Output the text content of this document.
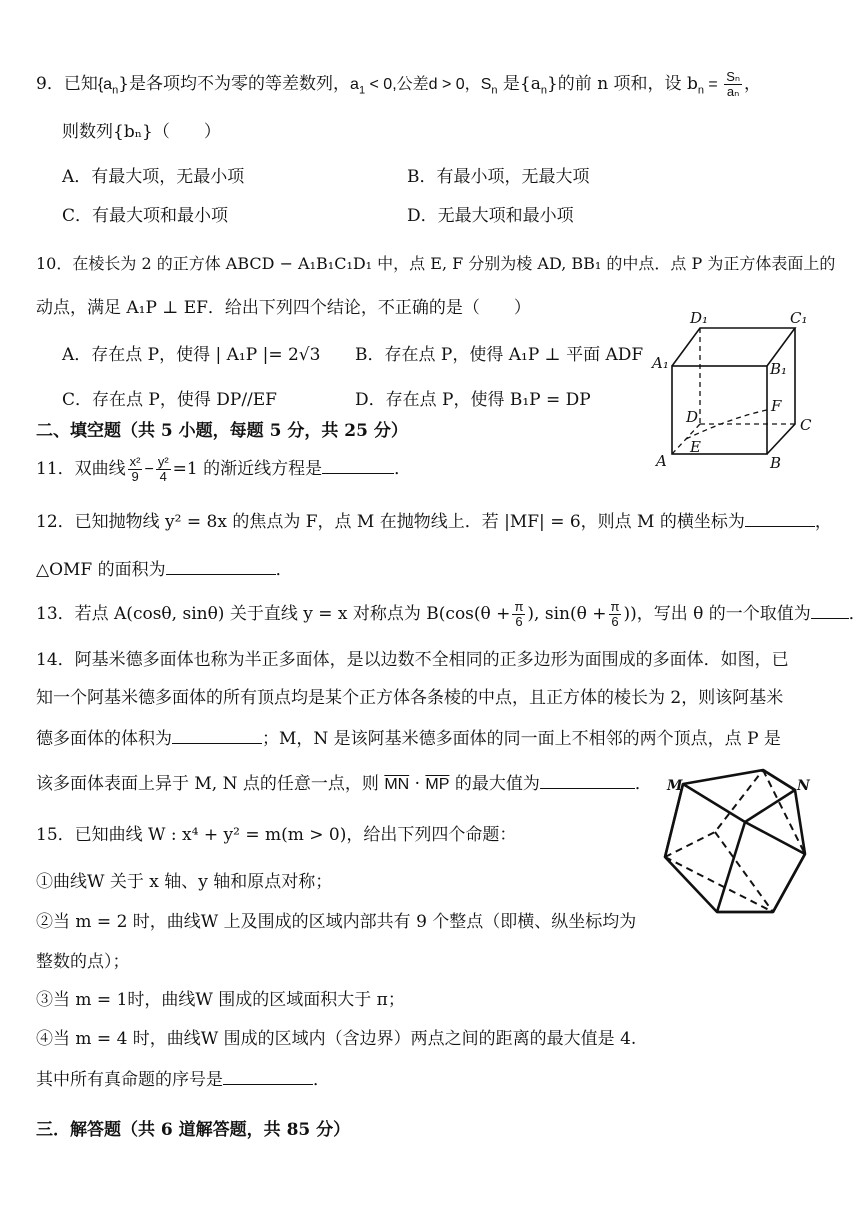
9．已知$\{a_n\}$是各项均不为零的等差数列，$a_1 < 0$,公差d > 0，$S_n$ 是$\{a_n\}$的前 n 项和，设 $b_n = \frac{\text{Sₙ}}{\text{aₙ}}$ ，
则数列{bₙ}（　　）
A．有最大项，无最小项	B．有最小项，无最大项
C．有最大项和最小项	D．无最大项和最小项
10．在棱长为 2 的正方体 ABCD − A₁B₁C₁D₁ 中，点 E, F 分别为棱 AD, BB₁ 的中点．点 P 为正方体表面上的
动点，满足 A₁P ⊥ EF．给出下列四个结论，不正确的是（　　）
A．存在点 P，使得 | A₁P |= 2√3 B．存在点 P，使得 A₁P ⊥ 平面 ADF
C．存在点 P，使得 DP//EF	D．存在点 P，使得 B₁P = DP
D₁	C₁
A₁	B₁
D
F
C
A
E
B
二、填空题（共 5 小题，每题 5 分，共 25 分）
11．双曲线 $\frac{\text{x²}}{9} - \frac{\text{y²}}{4} =1$ 的渐近线方程是	．
12．已知抛物线 y² = 8x 的焦点为 F，点 M 在抛物线上．若 |MF| = 6，则点 M 的横坐标为	，
△OMF 的面积为	．
13．若点 A(cosθ, sinθ) 关于直线 y = x 对称点为 $B(\cos(\theta + \frac{\pi}{6}$ ), $\sin(\theta + \frac{\pi}{6}$ ))，写出 θ 的一个取值为 ．
14．阿基米德多面体也称为半正多面体，是以边数不全相同的正多边形为面围成的多面体．如图，已
知一个阿基米德多面体的所有顶点均是某个正方体各条棱的中点，且正方体的棱长为 2，则该阿基米
德多面体的体积为	；M，N 是该阿基米德多面体的同一面上不相邻的两个顶点，点 P 是
该多面体表面上异于 M, N 点的任意一点，则 $\overline{MN} \cdot \overline{MP}$ 的最大值为	． M	N
15．已知曲线 W : x⁴ + y² = m(m > 0)，给出下列四个命题：
①曲线W 关于 x 轴、y 轴和原点对称；
②当 m = 2 时，曲线W 上及围成的区域内部共有 9 个整点（即横、纵坐标均为
整数的点）；
③当 m = 1时，曲线W 围成的区域面积大于 π；
④当 m = 4 时，曲线W 围成的区域内（含边界）两点之间的距离的最大值是 4.
其中所有真命题的序号是	．
三．解答题（共 6 道解答题，共 85 分）
